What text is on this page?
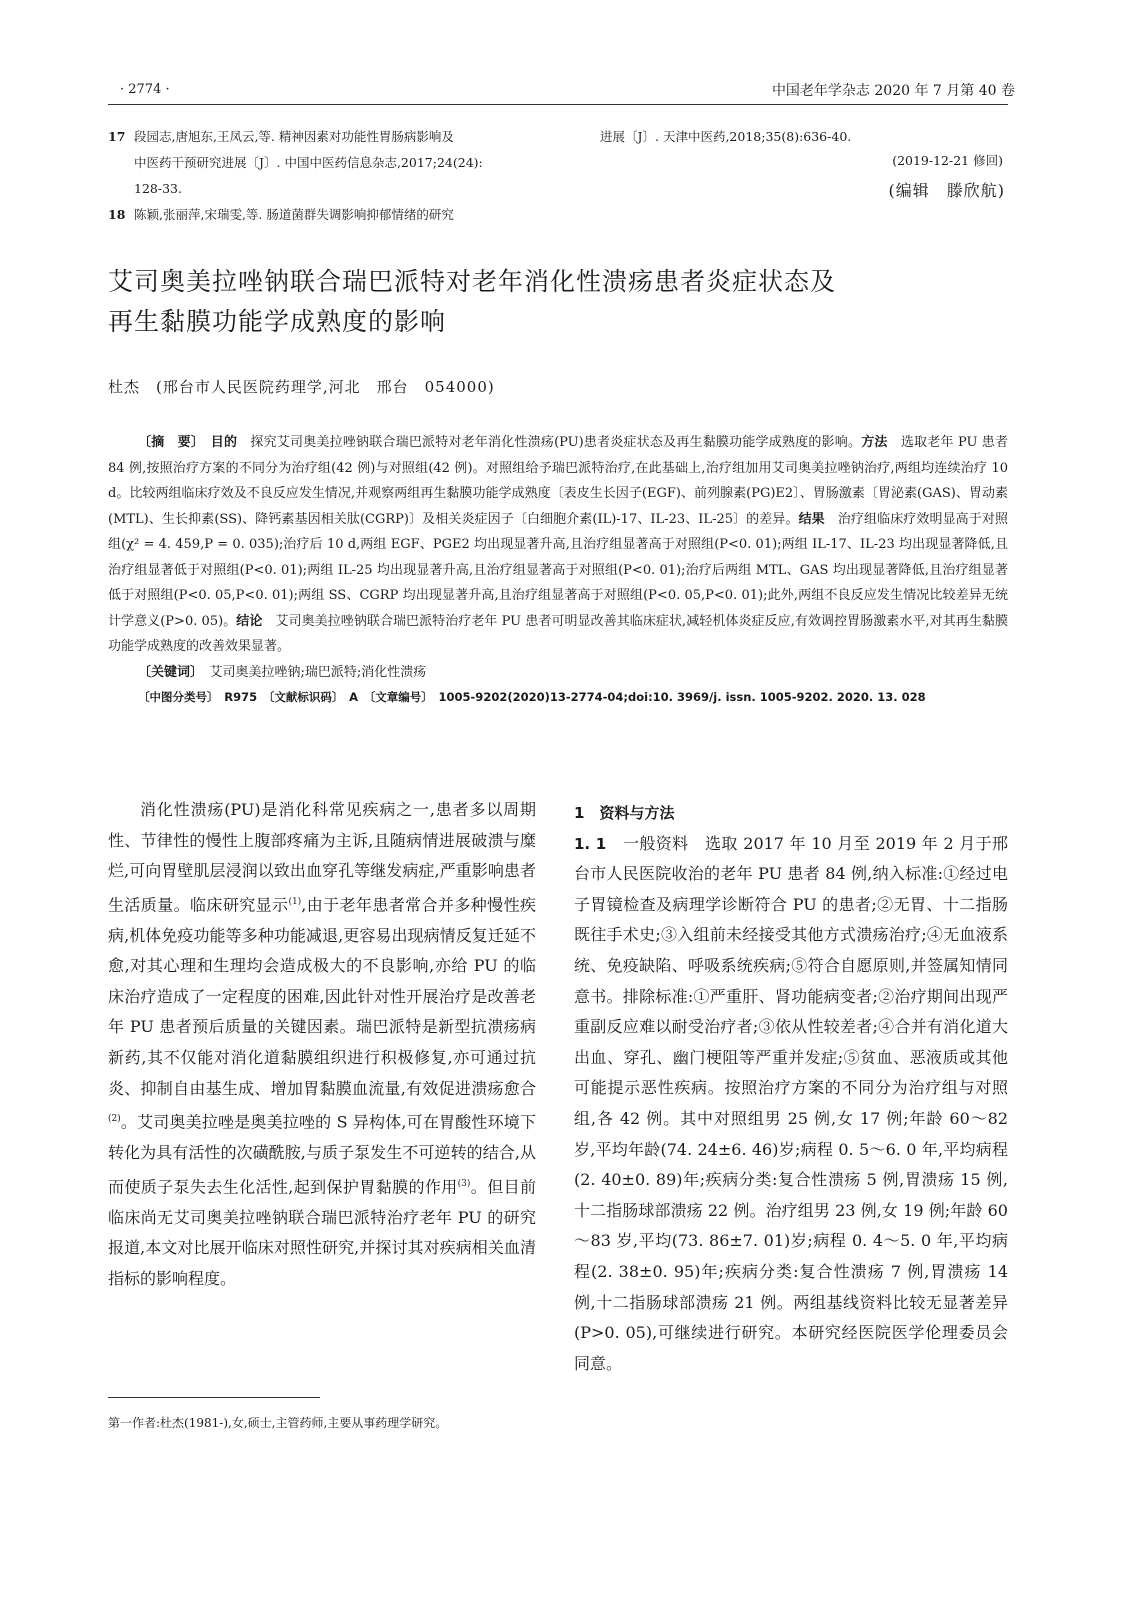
· 2774 ·	中国老年学杂志 2020 年 7 月第 40 卷
17 段园志,唐旭东,王凤云,等. 精神因素对功能性胃肠病影响及
中医药干预研究进展〔J〕. 中国中医药信息杂志,2017;24(24):
128-33.
18 陈颖,张丽萍,宋瑞雯,等. 肠道菌群失调影响抑郁情绪的研究
进展〔J〕. 天津中医药,2018;35(8):636-40.
(2019-12-21 修回)
(编辑　滕欣航)
艾司奥美拉唑钠联合瑞巴派特对老年消化性溃疡患者炎症状态及
再生黏膜功能学成熟度的影响
杜杰　(邢台市人民医院药理学,河北　邢台　054000)
〔摘　要〕　 目的　 探究艾司奥美拉唑钠联合瑞巴派特对老年消化性溃疡(PU)患者炎症状态及再生黏膜功能学成熟度的影响。方法　 选取老年 PU 患者 84 例,按照治疗方案的不同分为治疗组(42 例)与对照组(42 例)。对照组给予瑞巴派特治疗,在此基础上,治疗组加用艾司奥美拉唑钠治疗,两组均连续治疗 10 d。比较两组临床疗效及不良反应发生情况,并观察两组再生黏膜功能学成熟度〔表皮生长因子(EGF)、前列腺素(PG)E2〕、胃肠激素〔胃泌素(GAS)、胃动素(MTL)、生长抑素(SS)、降钙素基因相关肽(CGRP)〕及相关炎症因子〔白细胞介素(IL)-17、IL-23、IL-25〕的差异。结果　 治疗组临床疗效明显高于对照组(χ² = 4. 459,P = 0. 035);治疗后 10 d,两组 EGF、PGE2 均出现显著升高,且治疗组显著高于对照组(P<0. 01);两组 IL-17、IL-23 均出现显著降低,且治疗组显著低于对照组(P<0. 01);两组 IL-25 均出现显著升高,且治疗组显著高于对照组(P<0. 01);治疗后两组 MTL、GAS 均出现显著降低,且治疗组显著低于对照组(P<0. 05,P<0. 01);两组 SS、CGRP 均出现显著升高,且治疗组显著高于对照组(P<0. 05,P<0. 01);此外,两组不良反应发生情况比较差异无统计学意义(P>0. 05)。结论　 艾司奥美拉唑钠联合瑞巴派特治疗老年 PU 患者可明显改善其临床症状,减轻机体炎症反应,有效调控胃肠激素水平,对其再生黏膜功能学成熟度的改善效果显著。
〔关键词〕　 艾司奥美拉唑钠;瑞巴派特;消化性溃疡
〔中图分类号〕　 R975　 〔文献标识码〕　 A　 〔文章编号〕　 1005-9202(2020)13-2774-04;doi:10. 3969/j. issn. 1005-9202. 2020. 13. 028
消化性溃疡(PU)是消化科常见疾病之一,患者多以周期性、节律性的慢性上腹部疼痛为主诉,且随病情进展破溃与糜烂,可向胃壁肌层浸润以致出血穿孔等继发病症,严重影响患者生活质量。临床研究显示$^{(1)}$,由于老年患者常合并多种慢性疾病,机体免疫功能等多种功能减退,更容易出现病情反复迁延不愈,对其心理和生理均会造成极大的不良影响,亦给 PU 的临床治疗造成了一定程度的困难,因此针对性开展治疗是改善老年 PU 患者预后质量的关键因素。瑞巴派特是新型抗溃疡病新药,其不仅能对消化道黏膜组织进行积极修复,亦可通过抗炎、抑制自由基生成、增加胃黏膜血流量,有效促进溃疡愈合$^{(2)}$。艾司奥美拉唑是奥美拉唑的 S 异构体,可在胃酸性环境下转化为具有活性的次磺酰胺,与质子泵发生不可逆转的结合,从而使质子泵失去生化活性,起到保护胃黏膜的作用$^{(3)}$。但目前临床尚无艾司奥美拉唑钠联合瑞巴派特治疗老年 PU 的研究报道,本文对比展开临床对照性研究,并探讨其对疾病相关血清指标的影响程度。
第一作者:杜杰(1981-),女,硕士,主管药师,主要从事药理学研究。
1　资料与方法
1. 1　 一般资料　 选取 2017 年 10 月至 2019 年 2 月于邢台市人民医院收治的老年 PU 患者 84 例,纳入标准:①经过电子胃镜检查及病理学诊断符合 PU 的患者;②无胃、十二指肠既往手术史;③入组前未经接受其他方式溃疡治疗;④无血液系统、免疫缺陷、呼吸系统疾病;⑤符合自愿原则,并签属知情同意书。排除标准:①严重肝、肾功能病变者;②治疗期间出现严重副反应难以耐受治疗者;③依从性较差者;④合并有消化道大出血、穿孔、幽门梗阻等严重并发症;⑤贫血、恶液质或其他可能提示恶性疾病。按照治疗方案的不同分为治疗组与对照组,各 42 例。其中对照组男 25 例,女 17 例;年龄 60～82 岁,平均年龄(74. 24±6. 46)岁;病程 0. 5～6. 0 年,平均病程(2. 40±0. 89)年;疾病分类:复合性溃疡 5 例,胃溃疡 15 例,十二指肠球部溃疡 22 例。治疗组男 23 例,女 19 例;年龄 60～83 岁,平均(73. 86±7. 01)岁;病程 0. 4～5. 0 年,平均病程(2. 38±0. 95)年;疾病分类:复合性溃疡 7 例,胃溃疡 14 例,十二指肠球部溃疡 21 例。两组基线资料比较无显著差异(P>0. 05),可继续进行研究。本研究经医院医学伦理委员会同意。
